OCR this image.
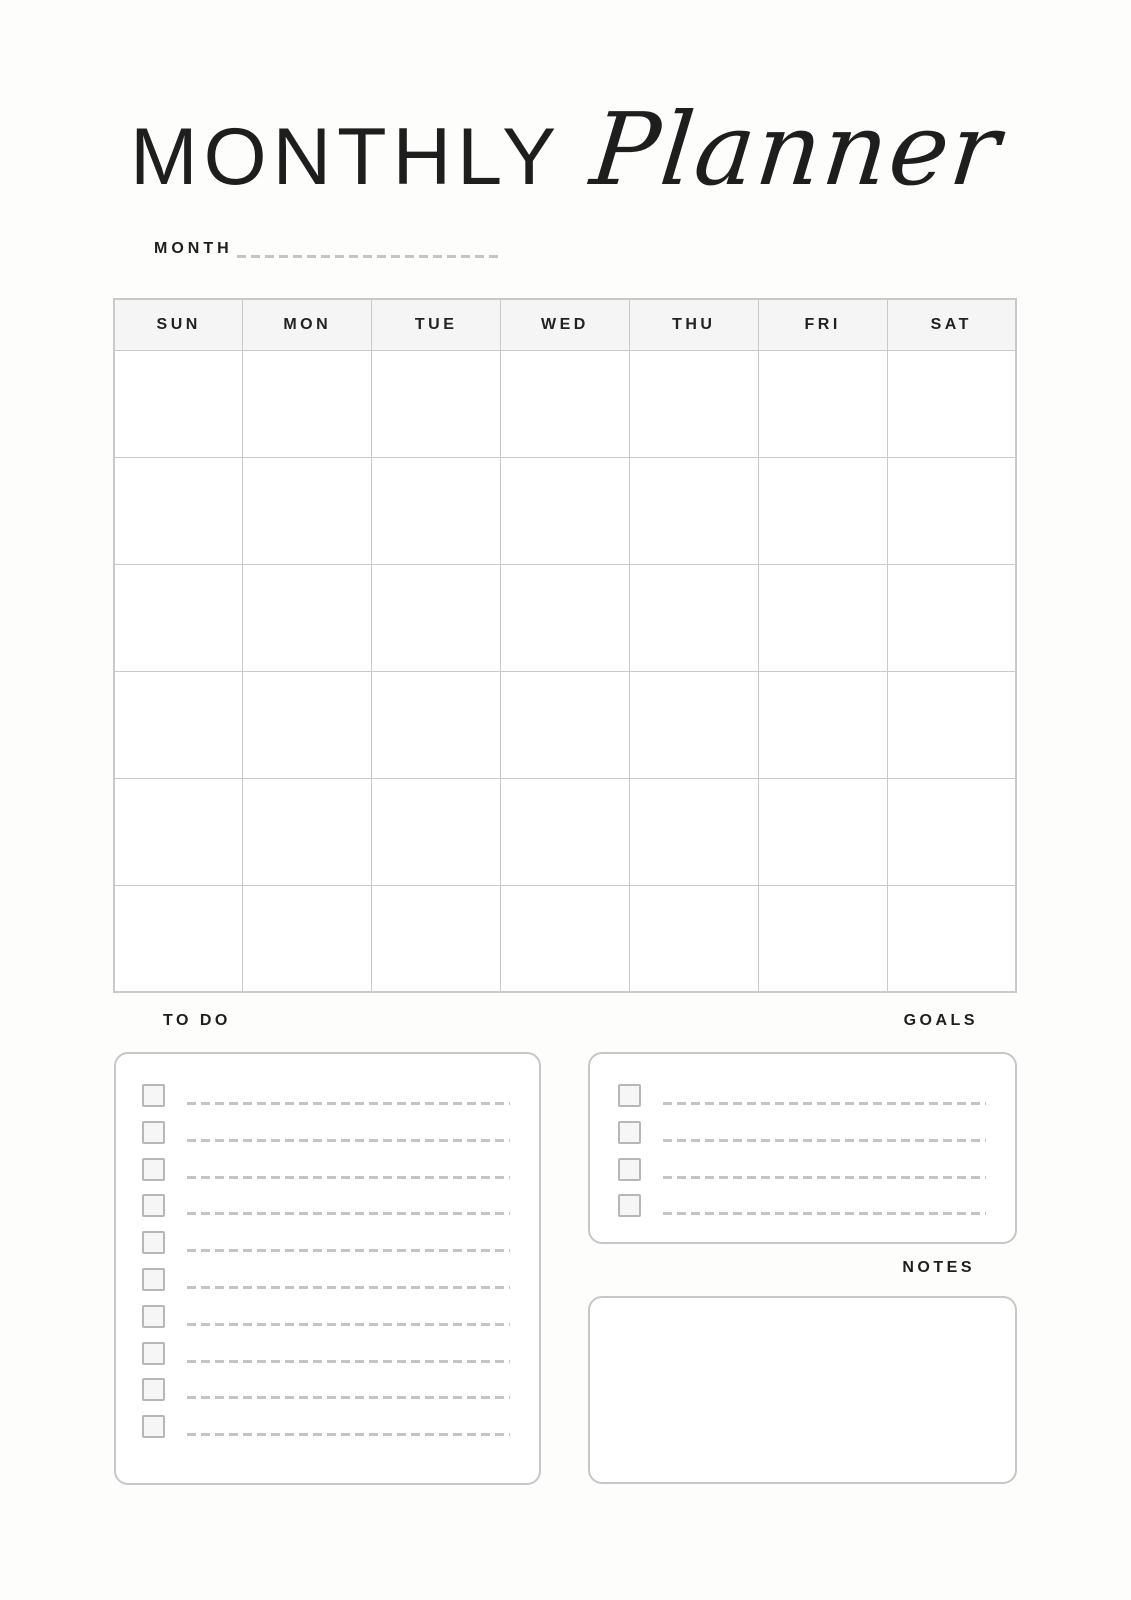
MONTHLY Planner
MONTH
SUN	MON	TUE	WED	THU	FRI	SAT

TO DO	GOALS
NOTES
